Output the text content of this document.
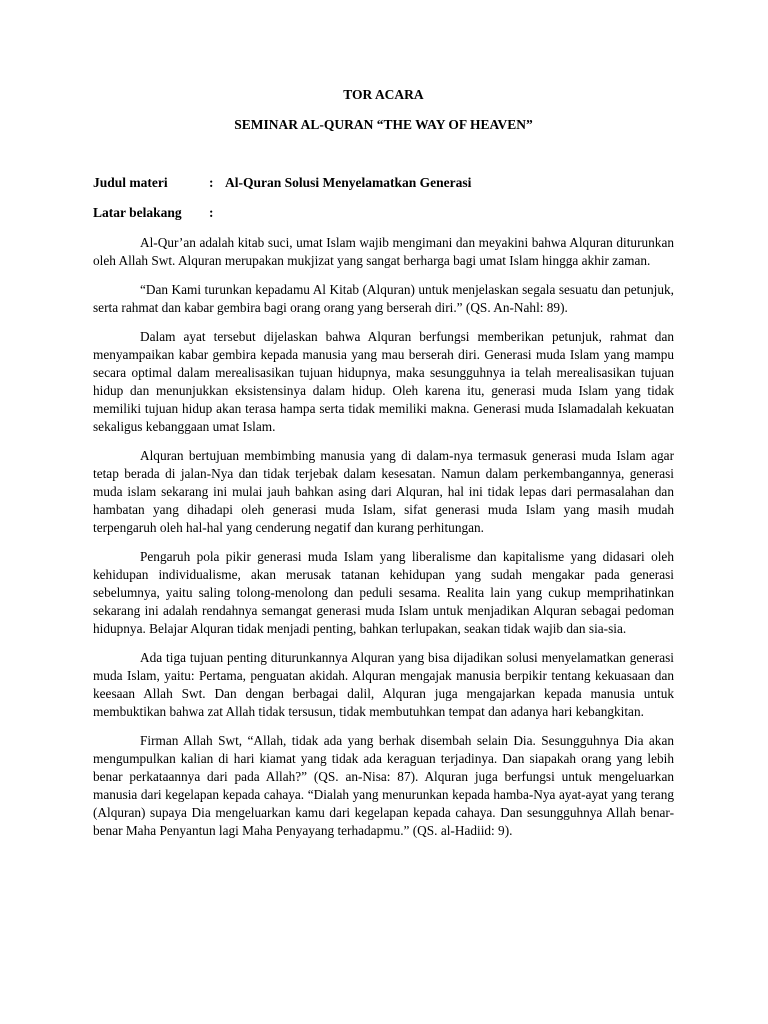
TOR ACARA

SEMINAR AL-QURAN “THE WAY OF HEAVEN”

Judul materi	: Al-Quran Solusi Menyelamatkan Generasi
Latar belakang	:

Al-Qur’an adalah kitab suci, umat Islam wajib mengimani dan meyakini bahwa Alquran diturunkan oleh Allah Swt. Alquran merupakan mukjizat yang sangat berharga bagi umat Islam hingga akhir zaman.

“Dan Kami turunkan kepadamu Al Kitab (Alquran) untuk menjelaskan segala sesuatu dan petunjuk, serta rahmat dan kabar gembira bagi orang orang yang berserah diri.” (QS. An-Nahl: 89).

Dalam ayat tersebut dijelaskan bahwa Alquran berfungsi memberikan petunjuk, rahmat dan menyampaikan kabar gembira kepada manusia yang mau berserah diri. Generasi muda Islam yang mampu secara optimal dalam merealisasikan tujuan hidupnya, maka sesungguhnya ia telah merealisasikan tujuan hidup dan menunjukkan eksistensinya dalam hidup. Oleh karena itu, generasi muda Islam yang tidak memiliki tujuan hidup akan terasa hampa serta tidak memiliki makna. Generasi muda Islamadalah kekuatan sekaligus kebanggaan umat Islam.

Alquran bertujuan membimbing manusia yang di dalam-nya termasuk generasi muda Islam agar tetap berada di jalan-Nya dan tidak terjebak dalam kesesatan. Namun dalam perkembangannya, generasi muda islam sekarang ini mulai jauh bahkan asing dari Alquran, hal ini tidak lepas dari permasalahan dan hambatan yang dihadapi oleh generasi muda Islam, sifat generasi muda Islam yang masih mudah terpengaruh oleh hal-hal yang cenderung negatif dan kurang perhitungan.

Pengaruh pola pikir generasi muda Islam yang liberalisme dan kapitalisme yang didasari oleh kehidupan individualisme, akan merusak tatanan kehidupan yang sudah mengakar pada generasi sebelumnya, yaitu saling tolong-menolong dan peduli sesama. Realita lain yang cukup memprihatinkan sekarang ini adalah rendahnya semangat generasi muda Islam untuk menjadikan Alquran sebagai pedoman hidupnya. Belajar Alquran tidak menjadi penting, bahkan terlupakan, seakan tidak wajib dan sia-sia.

Ada tiga tujuan penting diturunkannya Alquran yang bisa dijadikan solusi menyelamatkan generasi muda Islam, yaitu: Pertama, penguatan akidah. Alquran mengajak manusia berpikir tentang kekuasaan dan keesaan Allah Swt. Dan dengan berbagai dalil, Alquran juga mengajarkan kepada manusia untuk membuktikan bahwa zat Allah tidak tersusun, tidak membutuhkan tempat dan adanya hari kebangkitan.

Firman Allah Swt, “Allah, tidak ada yang berhak disembah selain Dia. Sesungguhnya Dia akan mengumpulkan kalian di hari kiamat yang tidak ada keraguan terjadinya. Dan siapakah orang yang lebih benar perkataannya dari pada Allah?” (QS. an-Nisa: 87). Alquran juga berfungsi untuk mengeluarkan manusia dari kegelapan kepada cahaya. “Dialah yang menurunkan kepada hamba-Nya ayat-ayat yang terang (Alquran) supaya Dia mengeluarkan kamu dari kegelapan kepada cahaya. Dan sesungguhnya Allah benar-benar Maha Penyantun lagi Maha Penyayang terhadapmu.” (QS. al-Hadiid: 9).
